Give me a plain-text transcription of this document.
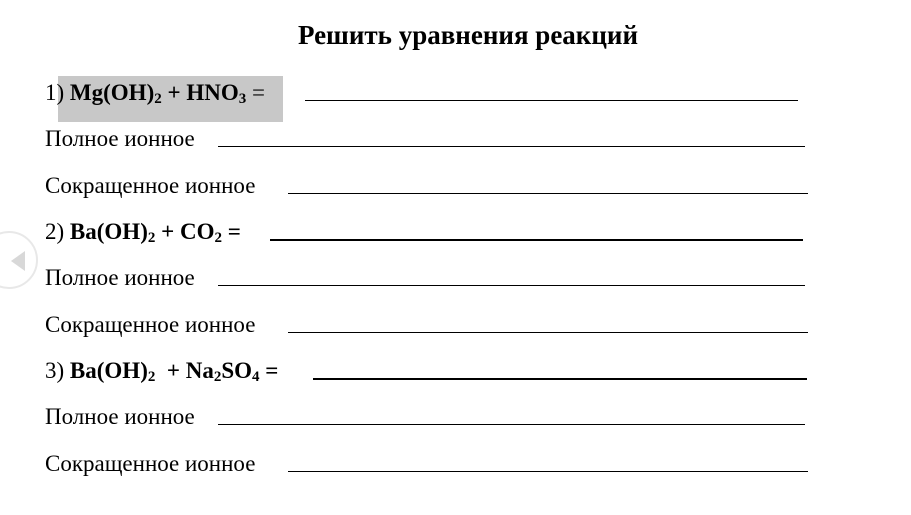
Решить уравнения реакций
1) $Mg(OH)_2 + HNO_3$ =
Полное ионное
Сокращенное ионное
2) $Ba(OH)_2 + CO_2$ =
Полное ионное
Сокращенное ионное
3) $Ba(OH)_2 + Na_2SO_4$ =
Полное ионное
Сокращенное ионное
